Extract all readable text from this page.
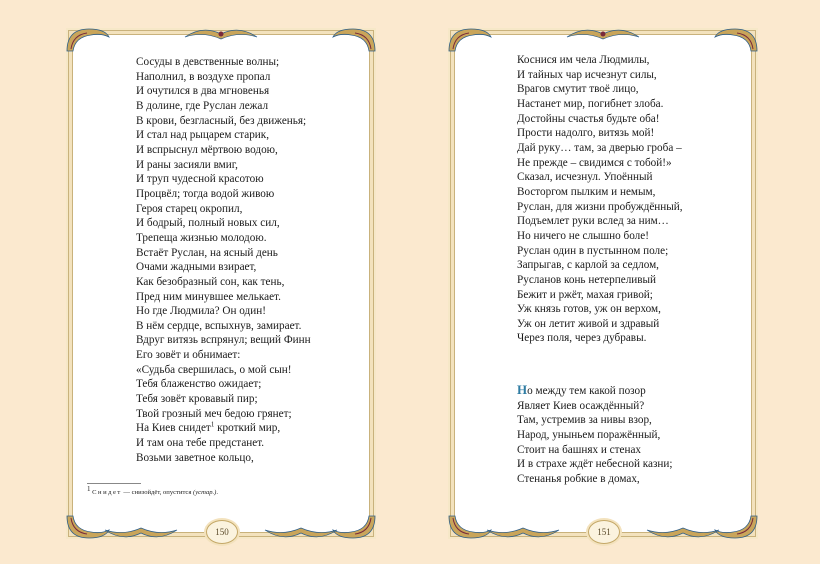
Сосуды в девственные волны;
Наполнил, в воздухе пропал
И очутился в два мгновенья
В долине, где Руслан лежал
В крови, безгласный, без движенья;
И стал над рыцарем старик,
И вспрыснул мёртвою водою,
И раны засияли вмиг,
И труп чудесной красотою
Процвёл; тогда водой живою
Героя старец окропил,
И бодрый, полный новых сил,
Трепеща жизнью молодою.
Встаёт Руслан, на ясный день
Очами жадными взирает,
Как безобразный сон, как тень,
Пред ним минувшее мелькает.
Но где Людмила? Он один!
В нём сердце, вспыхнув, замирает.
Вдруг витязь вспрянул; вещий Финн
Его зовёт и обнимает:
«Судьба свершилась, о мой сын!
Тебя блаженство ожидает;
Тебя зовёт кровавый пир;
Твой грозный меч бедою грянет;
На Киев снидет$^1$ кроткий мир,
И там она тебе предстанет.
Возьми заветное кольцо,
$^1$ Снидет — снизойдёт, опустится (устар.).
150
Коснися им чела Людмилы,
И тайных чар исчезнут силы,
Врагов смутит твоё лицо,
Настанет мир, погибнет злоба.
Достойны счастья будьте оба!
Прости надолго, витязь мой!
Дай руку… там, за дверью гроба –
Не прежде – свидимся с тобой!»
Сказал, исчезнул. Упоённый
Восторгом пылким и немым,
Руслан, для жизни пробуждённый,
Подъемлет руки вслед за ним…
Но ничего не слышно боле!
Руслан один в пустынном поле;
Запрыгав, с карлой за седлом,
Русланов конь нетерпеливый
Бежит и ржёт, махая гривой;
Уж князь готов, уж он верхом,
Уж он летит живой и здравый
Через поля, через дубравы.
Но между тем какой позор
Являет Киев осаждённый?
Там, устремив за нивы взор,
Народ, уныньем поражённый,
Стоит на башнях и стенах
И в страхе ждёт небесной казни;
Стенанья робкие в домах,
151
